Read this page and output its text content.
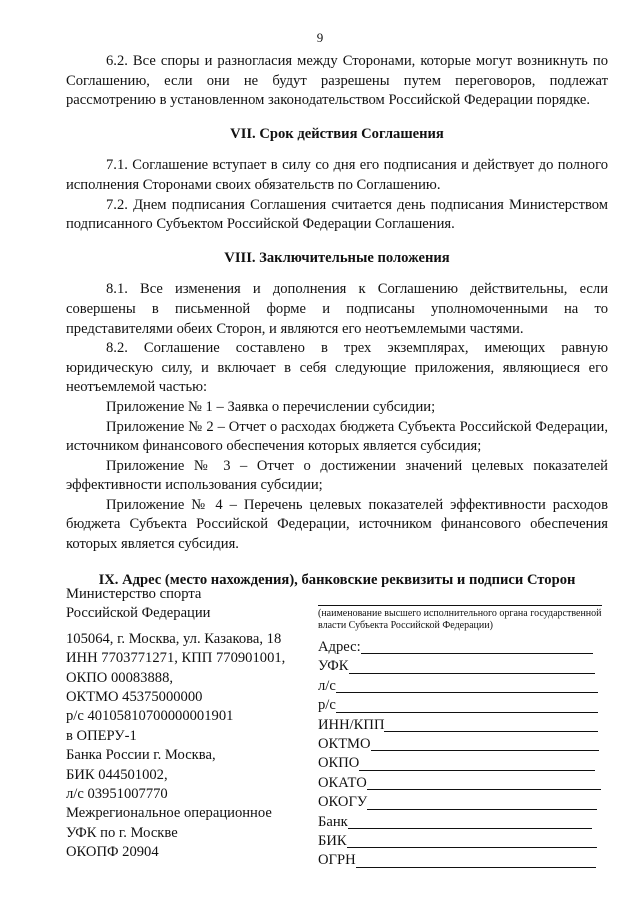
9

6.2. Все споры и разногласия между Сторонами, которые могут возникнуть по Соглашению, если они не будут разрешены путем переговоров, подлежат рассмотрению в установленном законодательством Российской Федерации порядке.

VII. Срок действия Соглашения

7.1. Соглашение вступает в силу со дня его подписания и действует до полного исполнения Сторонами своих обязательств по Соглашению.

7.2. Днем подписания Соглашения считается день подписания Министерством подписанного Субъектом Российской Федерации Соглашения.

VIII. Заключительные положения

8.1. Все изменения и дополнения к Соглашению действительны, если совершены в письменной форме и подписаны уполномоченными на то представителями обеих Сторон, и являются его неотъемлемыми частями.

8.2. Соглашение составлено в трех экземплярах, имеющих равную юридическую силу, и включает в себя следующие приложения, являющиеся его неотъемлемой частью:

Приложение № 1 – Заявка о перечислении субсидии;

Приложение № 2 – Отчет о расходах бюджета Субъекта Российской Федерации, источником финансового обеспечения которых является субсидия;

Приложение № 3 – Отчет о достижении значений целевых показателей эффективности использования субсидии;

Приложение № 4 – Перечень целевых показателей эффективности расходов бюджета Субъекта Российской Федерации, источником финансового обеспечения которых является субсидия.

IX. Адрес (место нахождения), банковские реквизиты и подписи Сторон
Министерство спорта
Российской Федерации
105064, г. Москва, ул. Казакова, 18
ИНН 7703771271, КПП 770901001,
ОКПО 00083888,
ОКТМО 45375000000
р/с 40105810700000001901
в ОПЕРУ-1
Банка России г. Москва,
БИК 044501002,
л/с 03951007770
Межрегиональное операционное
УФК по г. Москве
ОКОПФ 20904
(наименование высшего исполнительного органа государственной власти Субъекта Российской Федерации)
Адрес:
УФК
л/с
р/с
ИНН/КПП
ОКТМО
ОКПО
ОКАТО
ОКОГУ
Банк
БИК
ОГРН
